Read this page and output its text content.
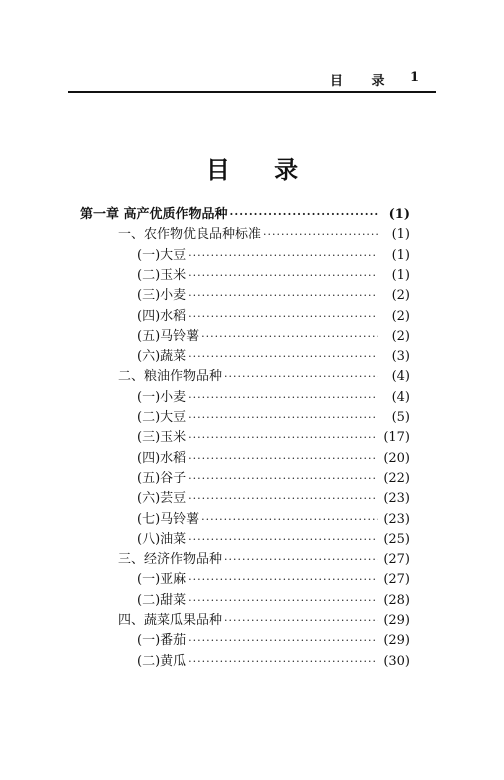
目 录 1
目 录
第一章 高产优质作物品种 ·····	(1)
一、农作物优良品种标准 ·····	(1)
(一)大豆 ·····	(1)
(二)玉米 ·····	(1)
(三)小麦 ·····	(2)
(四)水稻 ·····	(2)
(五)马铃薯 ·····	(2)
(六)蔬菜 ·····	(3)
二、粮油作物品种 ·····	(4)
(一)小麦 ·····	(4)
(二)大豆 ·····	(5)
(三)玉米 ·····	(17)
(四)水稻 ·····	(20)
(五)谷子 ·····	(22)
(六)芸豆 ·····	(23)
(七)马铃薯 ·····	(23)
(八)油菜 ·····	(25)
三、经济作物品种 ·····	(27)
(一)亚麻 ·····	(27)
(二)甜菜 ·····	(28)
四、蔬菜瓜果品种 ·····	(29)
(一)番茄 ·····	(29)
(二)黄瓜 ·····	(30)
